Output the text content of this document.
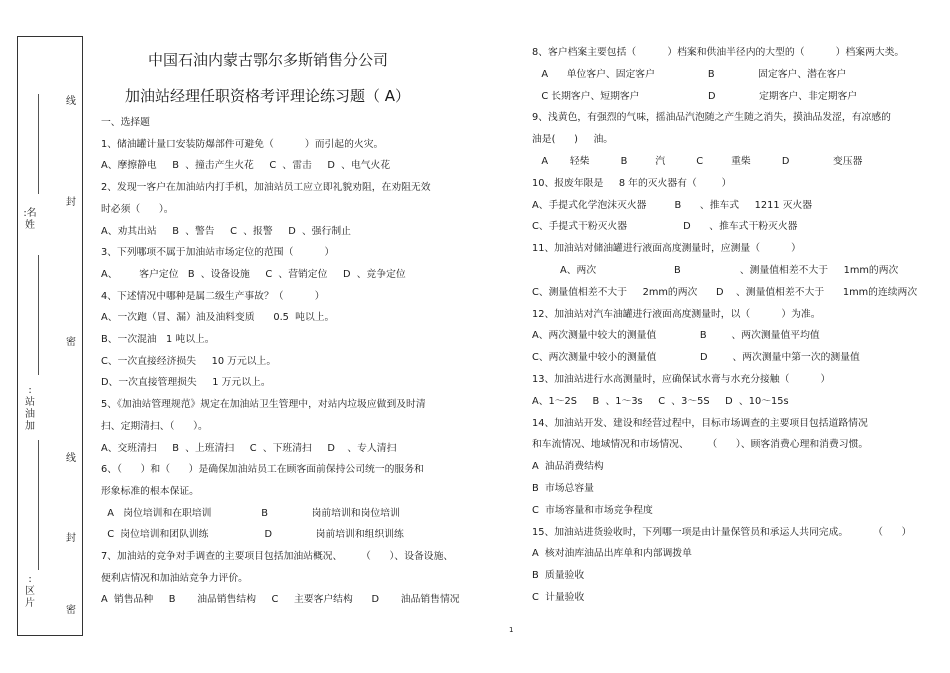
线
封
密
线
封
密
:名
姓
:
站
油
加
:
区
片
中国石油内蒙古鄂尔多斯销售分公司
加油站经理任职资格考评理论练习题（ A）
一、选择题
1、储油罐计量口安装防爆部件可避免（          ）而引起的火灾。
A、摩擦静电     B  、撞击产生火花     C  、雷击     D  、电气火花
2、发现一客户在加油站内打手机，加油站员工应立即礼貌劝阻，在劝阻无效
时必须（      ）。
A、劝其出站     B  、警告     C  、报警     D  、强行制止
3、下列哪项不属于加油站市场定位的范围（          ）
A、       客户定位   B  、设备设施     C  、营销定位     D  、竞争定位
4、下述情况中哪种是属二级生产事故？（          ）
A、一次跑（冒、漏）油及油料变质      0.5  吨以上。
B、一次混油   1 吨以上。
C、一次直接经济损失     10 万元以上。
D、一次直接管理损失     1 万元以上。
5、《加油站管理规范》规定在加油站卫生管理中，对站内垃圾应做到及时清
扫、定期清扫、（      ）。
A、交班清扫     B  、上班清扫     C  、下班清扫     D    、专人清扫
6、（      ）和（      ）是确保加油站员工在顾客面前保持公司统一的服务和
形象标准的根本保证。
A   岗位培训和在职培训                B              岗前培训和岗位培训
C  岗位培训和团队训练                  D              岗前培训和组织训练
7、加油站的竞争对手调查的主要项目包括加油站概况、      （      ）、设备设施、
便利店情况和加油站竞争力评价。
A  销售品种     B       油品销售结构     C     主要客户结构      D       油品销售情况
8、客户档案主要包括（          ）档案和供油半径内的大型的（          ）档案两大类。
A      单位客户、固定客户                 B              固定客户、潜在客户
C 长期客户、短期客户                      D              定期客户、非定期客户
9、浅黄色，有强烈的气味，摇油品汽泡随之产生随之消失，摸油品发涩，有凉感的
油是(      )     油。
A       轻柴          B         汽          C         重柴          D              变压器
10、报废年限是     8 年的灭火器有（        ）
A、手提式化学泡沫灭火器         B      、推车式     1211 灭火器
C、手提式干粉灭火器                  D      、推车式干粉灭火器
11、加油站对储油罐进行液面高度测量时，应测量（          ）
A、两次                         B                   、测量值相差不大于     1mm的两次
C、测量值相差不大于     2mm的两次      D    、测量值相差不大于      1mm的连续两次
12、加油站对汽车油罐进行液面高度测量时，以（          ）为准。
A、两次测量中较大的测量值              B        、两次测量值平均值
C、两次测量中较小的测量值              D        、两次测量中第一次的测量值
13、加油站进行水高测量时，应确保试水膏与水充分接触（          ）
A、1～2S     B  、1～3s     C  、3～5S     D  、10～15s
14、加油站开发、建设和经营过程中，目标市场调查的主要项目包括道路情况
和车流情况、地域情况和市场情况、      （      ）、顾客消费心理和消费习惯。
A  油品消费结构
B  市场总容量
C  市场容量和市场竞争程度
15、加油站进货验收时，下列哪一项是由计量保管员和承运人共同完成。        （      ）
A  核对油库油品出库单和内部调拨单
B  质量验收
C  计量验收
1
